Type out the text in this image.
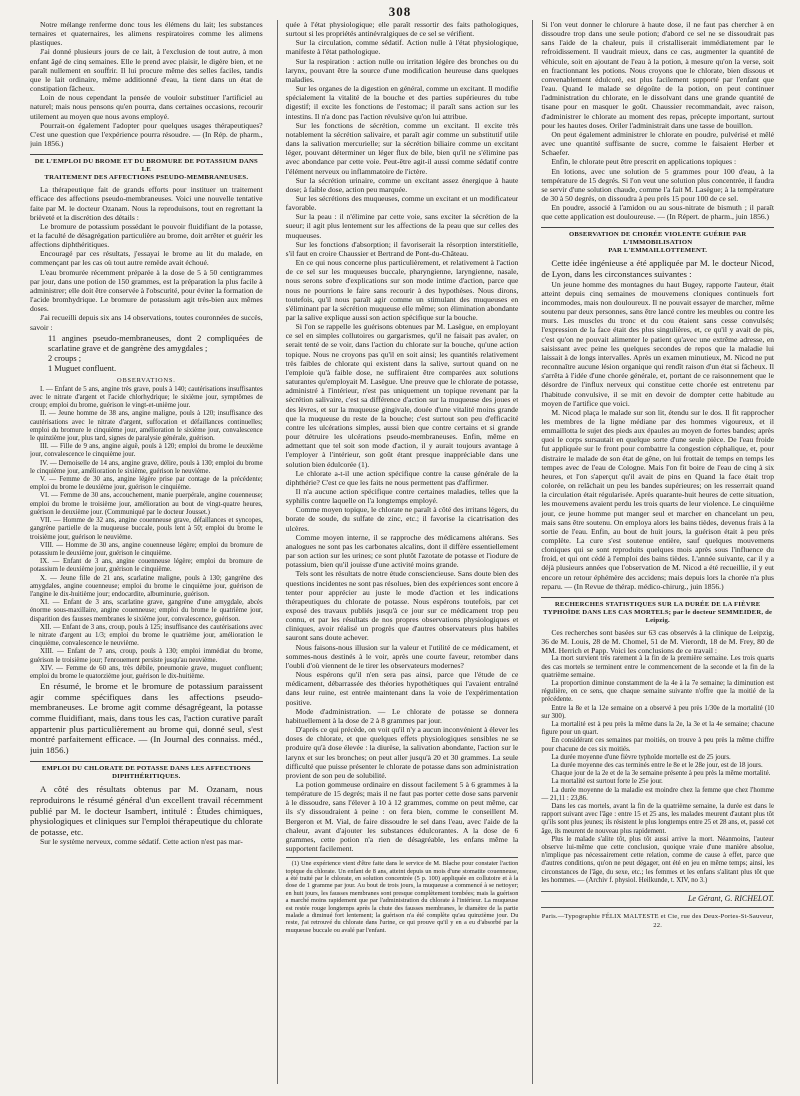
308

Notre mélange renferme donc tous les élémens du lait; les substances ternaires et quaternaires, les alimens respiratoires comme les alimens plastiques.

J'ai donné plusieurs jours de ce lait, à l'exclusion de tout autre, à mon enfant âgé de cinq semaines. Elle le prend avec plaisir, le digère bien, et ne paraît nullement en souffrir. Il lui procure même des selles faciles, tandis que le lait ordinaire, même additionné d'eau, la tient dans un état de constipation fâcheux.

Loin de nous cependant la pensée de vouloir substituer l'artificiel au naturel; mais nous pensons qu'en pourra, dans certaines occasions, recourir utilement au moyen que nous avons employé.

Pourrait-on également l'adopter pour quelques usages thérapeutiques? C'est une question que l'expérience pourra résoudre. — (In Rép. de pharm., juin 1856.)

DE L'EMPLOI DU BROME ET DU BROMURE DE POTASSIUM DANS LE
TRAITEMENT DES AFFECTIONS PSEUDO-MEMBRANEUSES.

La thérapeutique fait de grands efforts pour instituer un traitement efficace des affections pseudo-membraneuses. Voici une nouvelle tentative faite par M. le docteur Ozanam. Nous la reproduisons, tout en regrettant la brièveté et la discrétion des détails :

Le bromure de potassium possédant le pouvoir fluidifiant de la potasse, et la faculté de désagrégation particulière au brome, doit arrêter et guérir les affections diphthéritiques.

Encouragé par ces résultats, j'essayai le brome au lit du malade, en commençant par les cas où tout autre remède avait échoué.

L'eau bromurée récemment préparée à la dose de 5 à 50 centigrammes par jour, dans une potion de 150 grammes, est la préparation la plus facile à administrer; elle doit être conservée à l'obscurité, pour éviter la formation de l'acide bromhydrique. Le bromure de potassium agit très-bien aux mêmes doses.

J'ai recueilli depuis six ans 14 observations, toutes couronnées de succès, savoir :

11 angines pseudo-membraneuses, dont 2 compliquées de scarlatine grave et de gangrène des amygdales ;
2 croups ;
1 Muguet confluent.
OBSERVATIONS.

I. — Enfant de 5 ans, angine très grave, pouls à 140; cautérisations insuffisantes avec le nitrate d'argent et l'acide chlorhydrique; le sixième jour, symptômes de croup; emploi du brome, guérison le vingt-et-unième jour.

II. — Jeune homme de 38 ans, angine maligne, pouls à 120; insuffisance des cautérisations avec le nitrate d'argent, suffocation et défaillances continuelles; emploi du bromure le cinquième jour, amélioration le sixième jour, convalescence le quinzième jour, plus tard, signes de paralysie générale, guérison.

III. — Fille de 9 ans, angine aiguë, pouls à 120; emploi du brome le deuxième jour, convalescence le cinquième jour.

IV. — Demoiselle de 14 ans, angine grave, délire, pouls à 130; emploi du brome le cinquième jour, amélioration le sixième, guérison le neuvième.

V. — Femme de 30 ans, angine légère prise par contage de la précédente; emploi du brome le deuxième jour, guérison le cinquième.

VI. — Femme de 30 ans, accouchement, manie puerpérale, angine couenneuse; emploi du brome le troisième jour, amélioration au bout de vingt-quatre heures, guérison le deuxième jour. (Communiqué par le docteur Jousset.)

VII. — Homme de 32 ans, angine couenneuse grave, défaillances et syncopes, gangrène partielle de la muqueuse buccale, pouls lent à 50; emploi du brome le troisième jour, guérison le neuvième.

VIII. — Homme de 30 ans, angine couenneuse légère; emploi du bromure de potassium le deuxième jour, guérison le cinquième.

IX. — Enfant de 3 ans, angine couenneuse légère; emploi du bromure de potassium le deuxième jour, guérison le cinquième.

X. — Jeune fille de 21 ans, scarlatine maligne, pouls à 130; gangrène des amygdales, angine couenneuse; emploi du brome le cinquième jour, guérison de l'angine le dix-huitième jour; endocardite, albuminurie, guérison.

XI. — Enfant de 3 ans, scarlatine grave, gangrène d'une amygdale, abcès énorme sous-maxillaire, angine couenneuse; emploi du brome le quatrième jour, disparition des fausses membranes le sixième jour, convalescence, guérison.

XII. — Enfant de 3 ans, croup, pouls à 125; insuffisance des cautérisations avec le nitrate d'argent au 1/3; emploi du brome le quatrième jour, amélioration le cinquième, convalescence le neuvième.

XIII. — Enfant de 7 ans, croup, pouls à 130; emploi immédiat du brome, guérison le troisième jour; l'enrouement persiste jusqu'au neuvième.

XIV. — Femme de 60 ans, très débile, pneumonie grave, muguet confluent; emploi du brome le quatorzième jour, guérison le dix-huitième.

En résumé, le brome et le bromure de potassium paraissent agir comme spécifiques dans les affections pseudo-membraneuses. Le brome agit comme désagrégeant, la potasse comme fluidifiant, mais, dans tous les cas, l'action curative paraît appartenir plus particulièrement au brome qui, donné seul, s'est montré parfaitement efficace. — (In Journal des connaiss. méd., juin 1856.)

EMPLOI DU CHLORATE DE POTASSE DANS LES AFFECTIONS
DIPHTHÉRITIQUES.

A côté des résultats obtenus par M. Ozanam, nous reproduirons le résumé général d'un excellent travail récemment publié par M. le docteur Isambert, intitulé : Études chimiques, physiologiques et cliniques sur l'emploi thérapeutique du chlorate de potasse, etc.

Sur le système nerveux, comme sédatif. Cette action n'est pas mar-

quée à l'état physiologique; elle paraît ressortir des faits pathologiques, surtout si les propriétés antinévralgiques de ce sel se vérifient.

Sur la circulation, comme sédatif. Action nulle à l'état physiologique, manifeste à l'état pathologique.

Sur la respiration : action nulle ou irritation légère des bronches ou du larynx, pouvant être la source d'une modification heureuse dans quelques maladies.

Sur les organes de la digestion en général, comme un excitant. Il modifie spécialement la vitalité de la bouche et des parties supérieures du tube digestif; il excite les fonctions de l'estomac; il paraît sans action sur les intestins. Il n'a donc pas l'action révulsive qu'on lui attribue.

Sur les fonctions de sécrétion, comme un excitant. Il excite très notablement la sécrétion salivaire, et paraît agir comme un substitutif utile dans la salivation mercurielle; sur la sécrétion biliaire comme un excitant léger, pouvant déterminer un léger flux de bile, bien qu'il ne s'élimine pas avec abondance par cette voie. Peut-être agit-il aussi comme sédatif contre l'élément nerveux ou inflammatoire de l'ictère.

Sur la sécrétion urinaire, comme un excitant assez énergique à haute dose; à faible dose, action peu marquée.

Sur les sécrétions des muqueuses, comme un excitant et un modificateur favorable.

Sur la peau : il n'élimine par cette voie, sans exciter la sécrétion de la sueur; il agit plus lentement sur les affections de la peau que sur celles des muqueuses.

Sur les fonctions d'absorption; il favoriserait la résorption interstitielle, s'il faut en croire Chaussier et Bertrand de Pont-du-Château.

En ce qui nous concerne plus particulièrement, et relativement à l'action de ce sel sur les muqueuses buccale, pharyngienne, laryngienne, nasale, nous serons sobre d'explications sur son mode intime d'action, parce que nous ne pourrions le faire sans recourir à des hypothèses. Nous dirons, toutefois, qu'il nous paraît agir comme un stimulant des muqueuses en s'éliminant par la sécrétion muqueuse elle même; son élimination abondante par la salive explique aussi son action spécifique sur la bouche.

Si l'on se rappelle les guérisons obtenues par M. Lasègue, en employant ce sel en simples collutoires ou gargarismes, qu'il ne faisait pas avaler, on serait tenté de se voir, dans l'action du chlorate sur la bouche, qu'une action topique. Nous ne croyons pas qu'il en soit ainsi; les quantités relativement très faibles de chlorate qui existent dans la salive, surtout quand on ne l'emploie qu'à faible dose, ne suffiraient être comparées aux solutions saturantes qu'employait M. Lasègue. Une preuve que le chlorate de potasse, administré à l'intérieur, n'est pas uniquement un topique revenant par la sécrétion salivaire, c'est sa différence d'action sur la muqueuse des joues et des lèvres, et sur la muqueuse gingivale, douée d'une vitalité moins grande que la muqueuse du reste de la bouche; c'est surtout son peu d'efficacité contre les ulcérations simples, aussi bien que contre certains et si grande pour détruire les ulcérations pseudo-membraneuses. Enfin, même en admettant que tel soit son mode d'action, il y aurait toujours avantage à l'employer à l'intérieur, son goût étant presque inappréciable dans une solution bien édulcorée (1).

Le chlorate a-t-il une action spécifique contre la cause générale de la diphthérie? C'est ce que les faits ne nous permettent pas d'affirmer.

Il n'a aucune action spécifique contre certaines maladies, telles que la syphilis contre laquelle on l'a longtemps employé.

Comme moyen topique, le chlorate ne paraît à côté des irritans légers, du borate de soude, du sulfate de zinc, etc.; il favorise la cicatrisation des ulcères.

Comme moyen interne, il se rapproche des médicamens altérans. Ses analogues ne sont pas les carbonates alcalins, dont il diffère essentiellement par son action sur les urines; ce sont plutôt l'azotate de potasse et l'iodure de potassium, bien qu'il jouisse d'une activité moins grande.

Tels sont les résultats de notre étude consciencieuse. Sans doute bien des questions incidentes ne sont pas résolues, bien des expériences sont encore à tenter pour apprécier au juste le mode d'action et les indications thérapeutiques du chlorate de potasse. Nous espérons toutefois, par cet exposé des travaux publiés jusqu'à ce jour sur ce médicament trop peu connu, et par les résultats de nos propres observations physiologiques et cliniques, avoir réalisé un progrès que d'autres observateurs plus habiles sauront sans doute achever.

Nous faisons-nous illusion sur la valeur et l'utilité de ce médicament, et sommes-nous destinés à le voir, après une courte faveur, retomber dans l'oubli d'où viennent de le tirer les observateurs modernes?

Nous espérons qu'il n'en sera pas ainsi, parce que l'étude de ce médicament, débarrassée des théories hypothétiques qui l'avaient entraîné dans leur ruine, est entrée maintenant dans la voie de l'expérimentation positive.

Mode d'administration. — Le chlorate de potasse se donnera habituellement à la dose de 2 à 8 grammes par jour.

D'après ce qui précède, on voit qu'il n'y a aucun inconvénient à élever les doses de chlorate, et que quelques effets physiologiques sensibles ne se produire qu'à dose élevée : la diurèse, la salivation abondante, l'action sur le larynx et sur les bronches; on peut aller jusqu'à 20 et 30 grammes. La seule difficulté que puisse présenter le chlorate de potasse dans son administration provient de son peu de solubilité.

La potion gommeuse ordinaire en dissout facilement 5 à 6 grammes à la température de 15 degrés; mais il ne faut pas porter cette dose sans parvenir à le dissoudre, sans l'élever à 10 à 12 grammes, comme on peut même, car ils s'y dissoudraient à peine : on fera bien, comme le conseillent M. Bergeron et M. Vial, de faire dissoudre le sel dans l'eau, avec l'aide de la chaleur, avant d'ajouter les substances édulcorantes. A la dose de 6 grammes, cette potion n'a rien de désagréable, les enfans même la supportent facilement.

(1) Une expérience vient d'être faite dans le service de M. Blache pour constater l'action topique du chlorate. Un enfant de 8 ans, atteint depuis un mois d'une stomatite couenneuse, a été traité par le chlorate, en solution concentrée (5 p. 100) appliquée en collutoire et à la dose de 1 gramme par jour. Au bout de trois jours, la muqueuse a commencé à se nettoyer; en huit jours, les fausses membranes sont presque complètement tombées; mais la guérison a marché moins rapidement que par l'administration du chlorate à l'intérieur. La muqueuse est restée rouge longtemps après la chute des fausses membranes, le diamètre de la partie malade a diminué fort lentement; la guérison n'a été complète qu'au quinzième jour. Du reste, j'ai retrouvé du chlorate dans l'urine, ce qui prouve qu'il y en a eu d'absorbé par la muqueuse buccale ou avalé par l'enfant.

Si l'on veut donner le chlorure à haute dose, il ne faut pas chercher à en dissoudre trop dans une seule potion; d'abord ce sel ne se dissoudrait pas sans l'aide de la chaleur, puis il cristalliserait immédiatement par le refroidissement. Il vaudrait mieux, dans ce cas, augmenter la quantité de véhicule, soit en ajoutant de l'eau à la potion, à mesure qu'on la verse, soit en fractionnant les potions. Nous croyons que le chlorate, bien dissous et convenablement édulcoré, est plus facilement supporté par l'enfant que l'eau. Quand le malade se dégoûte de la potion, on peut continuer l'administration du chlorate, en le dissolvant dans une grande quantité de tisane pour en masquer le goût. Chaussier recommandait, avec raison, d'administrer le chlorate au moment des repas, précepte important, surtout pour les hautes doses. Oriler l'administrait dans une tasse de bouillon.

On peut également administrer le chlorate en poudre, pulvérisé et mêlé avec une quantité suffisante de sucre, comme le faisaient Herber et Schaefer.

Enfin, le chlorate peut être prescrit en applications topiques :

En lotions, avec une solution de 5 grammes pour 100 d'eau, à la température de 15 degrés. Si l'on veut une solution plus concentrée, il faudra se servir d'une solution chaude, comme l'a fait M. Lasègue; à la température de 30 à 50 degrés, on dissoudra à peu près 15 pour 100 de ce sel.

En poudre, associé à l'amidon ou au sous-nitrate de bismuth ; il paraît que cette application est douloureuse. — (In Répert. de pharm., juin 1856.)

OBSERVATION DE CHORÉE VIOLENTE GUÉRIE PAR L'IMMOBILISATION
PAR L'EMMAILLOTTEMENT.

Cette idée ingénieuse a été appliquée par M. le docteur Nicod, de Lyon, dans les circonstances suivantes :

Un jeune homme des montagnes du haut Bugey, rapporte l'auteur, était atteint depuis cinq semaines de mouvemens cloniques continuels fort incommodes, mais non douloureux. Il ne pouvait essayer de marcher, même soutenu par deux personnes, sans être lancé contre les meubles ou contre les murs. Les muscles du tronc et du cou étaient sans cesse convulsés; l'expression de la face était des plus singulières, et, ce qu'il y avait de pis, c'est qu'on ne pouvait alimenter le patient qu'avec une extrême adresse, en saisissant avec peine les quelques secondes de repos que la maladie lui laissait à de longs intervalles. Après un examen minutieux, M. Nicod ne put reconnaître aucune lésion organique qui rendît raison d'un état si fâcheux. Il s'arrêta à l'idée d'une chorée générale, et, portant de ce raisonnement que le désordre de l'influx nerveux qui constitue cette chorée est entretenu par l'habitude convulsive, il se mit en devoir de dompter cette habitude au moyen de l'artifice que voici.

M. Nicod plaça le malade sur son lit, étendu sur le dos. Il fit rapprocher les membres de la ligne médiane par des hommes vigoureux, et il emmaillotta le sujet des pieds aux épaules au moyen de fortes bandes; après quoi le corps sursautait en quelque sorte d'une seule pièce. De l'eau froide fut appliquée sur le front pour combattre la congestion céphalique, et, pour distraire le malade de son état de gêne, on lui frottait de temps en temps les tempes avec de l'eau de Cologne. Mais l'on fit boire de l'eau de cinq à six heures, et l'on s'aperçut qu'il avait de pins en Quand la face était trop colorée, on relâchait un peu les bandes supérieures; on les resserrait quand la circulation était régularisée. Après quarante-huit heures de cette situation, les mouvemens avaient perdu les trois quarts de leur violence. Le cinquième jour, ce jeune homme put manger seul et marcher en chancelant un peu, mais sans être soutenu. On employa alors les bains tièdes, devenus frais à la sortie de l'eau. Enfin, au bout de huit jours, la guérison était à peu près complète. La cure s'est soutenue entière, sauf quelques mouvemens cloniques qui se sont reproduits quelques mois après sous l'influence du froid, et qui ont cédé à l'emploi des bains tièdes. L'année suivante, car il y a déjà plusieurs années que l'observation de M. Nicod a été recueillie, il y eut encore un retour éphémère des accidens; mais depuis lors la chorée n'a plus reparu. — (In Revue de thérap. médico-chirurg., juin 1856.)

RECHERCHES STATISTIQUES SUR LA DURÉE DE LA FIÈVRE TYPHOÏDE DANS LES CAS MORTELS; par le docteur SEMMEIDER, de Leipzig.

Ces recherches sont basées sur 63 cas observés à la clinique de Leipzig, 36 de M. Louis, 28 de M. Chomel, 51 de M. Vierordt, 18 de M. Frey, 80 de MM. Herrich et Papp. Voici les conclusions de ce travail :

La mort survient très rarement à la fin de la première semaine. Les trois quarts des cas mortels se terminent entre le commencement de la seconde et la fin de la quatrième semaine.

La proportion diminue constamment de la 4e à la 7e semaine; la diminution est régulière, en ce sens, que chaque semaine suivante n'offre que la moitié de la précédente.

Entre la 8e et la 12e semaine on a observé à peu près 1/30e de la mortalité (10 sur 300).

La mortalité est à peu près la même dans la 2e, la 3e et la 4e semaine; chacune figure pour un quart.

En considérant ces semaines par moitiés, on trouve à peu près la même chiffre pour chacune de ces six moitiés.

La durée moyenne d'une fièvre typhoïde mortelle est de 25 jours.

La durée moyenne des cas terminés entre le 8e et le 28e jour, est de 18 jours.

Chaque jour de la 2e et de la 3e semaine présente à peu près la même mortalité.

La mortalité est surtout forte le 25e jour.

La durée moyenne de la maladie est moindre chez la femme que chez l'homme — 21,11 : 23,86.

Dans les cas mortels, avant la fin de la quatrième semaine, la durée est dans le rapport suivant avec l'âge : entre 15 et 25 ans, les malades meurent d'autant plus tôt qu'ils sont plus jeunes; ils résistent le plus longtemps entre 25 et 28 ans, et, passé cet âge, ils meurent de nouveau plus rapidement.

Plus le malade s'alite tôt, plus tôt aussi arrive la mort. Néanmoins, l'auteur observe lui-même que cette conclusion, quoique vraie d'une manière absolue, n'implique pas nécessairement cette relation, comme de cause à effet, parce que d'autres conditions, qu'on ne peut dégager, ont été en jeu en même temps; ainsi, les circonstances de l'âge, du sexe, etc.; les femmes et les enfans s'alitant plus tôt que les hommes. — (Archiv f. physiol. Heilkunde, t. XIV, no 3.)

Le Gérant, G. RICHELOT.
Paris.—Typographie FÉLIX MALTESTE et Cie, rue des Deux-Portes-St-Sauveur, 22.
